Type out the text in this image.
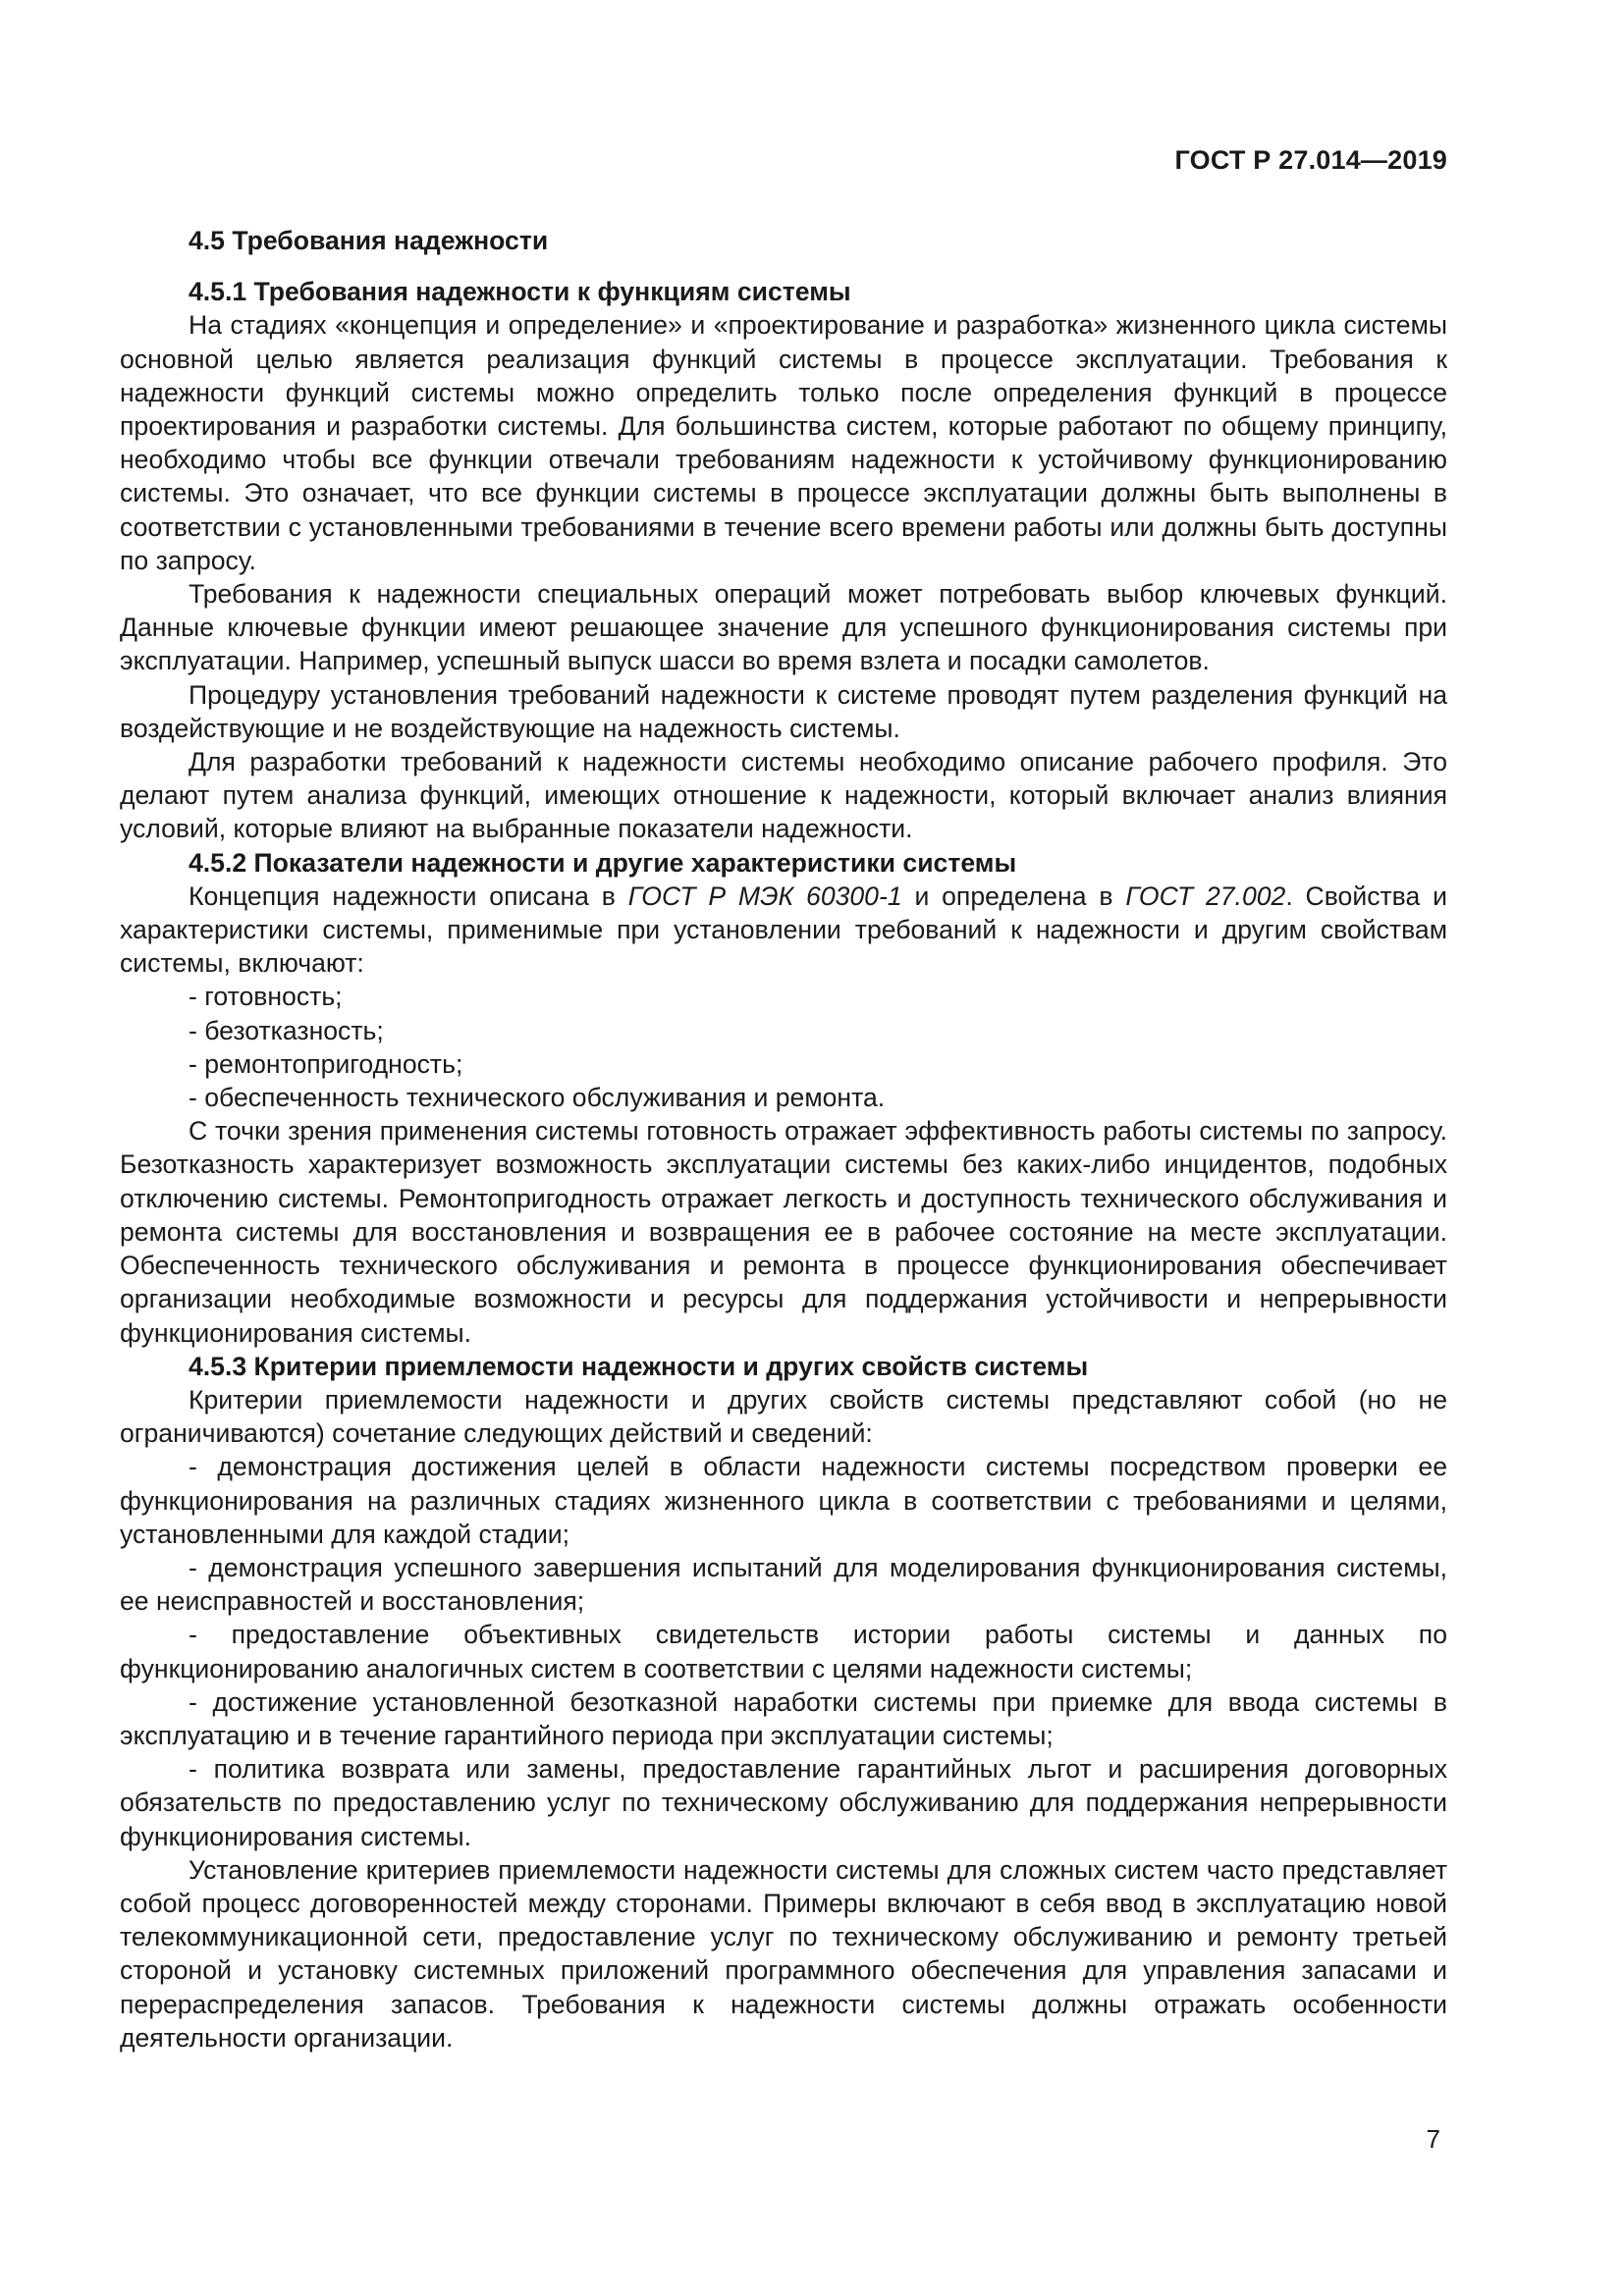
ГОСТ Р 27.014—2019
4.5 Требования надежности
4.5.1 Требования надежности к функциям системы

На стадиях «концепция и определение» и «проектирование и разработка» жизненного цикла системы основной целью является реализация функций системы в процессе эксплуатации. Требования к надежности функций системы можно определить только после определения функций в процессе проектирования и разработки системы. Для большинства систем, которые работают по общему принципу, необходимо чтобы все функции отвечали требованиям надежности к устойчивому функционированию системы. Это означает, что все функции системы в процессе эксплуатации должны быть выполнены в соответствии с установленными требованиями в течение всего времени работы или должны быть доступны по запросу.

Требования к надежности специальных операций может потребовать выбор ключевых функций. Данные ключевые функции имеют решающее значение для успешного функционирования системы при эксплуатации. Например, успешный выпуск шасси во время взлета и посадки самолетов.

Процедуру установления требований надежности к системе проводят путем разделения функций на воздействующие и не воздействующие на надежность системы.

Для разработки требований к надежности системы необходимо описание рабочего профиля. Это делают путем анализа функций, имеющих отношение к надежности, который включает анализ влияния условий, которые влияют на выбранные показатели надежности.

4.5.2 Показатели надежности и другие характеристики системы

Концепция надежности описана в ГОСТ Р МЭК 60300-1 и определена в ГОСТ 27.002. Свойства и характеристики системы, применимые при установлении требований к надежности и другим свойствам системы, включают:

- готовность;
- безотказность;
- ремонтопригодность;
- обеспеченность технического обслуживания и ремонта.

С точки зрения применения системы готовность отражает эффективность работы системы по запросу. Безотказность характеризует возможность эксплуатации системы без каких-либо инцидентов, подобных отключению системы. Ремонтопригодность отражает легкость и доступность технического обслуживания и ремонта системы для восстановления и возвращения ее в рабочее состояние на месте эксплуатации. Обеспеченность технического обслуживания и ремонта в процессе функционирования обеспечивает организации необходимые возможности и ресурсы для поддержания устойчивости и непрерывности функционирования системы.

4.5.3 Критерии приемлемости надежности и других свойств системы

Критерии приемлемости надежности и других свойств системы представляют собой (но не ограничиваются) сочетание следующих действий и сведений:

- демонстрация достижения целей в области надежности системы посредством проверки ее функционирования на различных стадиях жизненного цикла в соответствии с требованиями и целями, установленными для каждой стадии;

- демонстрация успешного завершения испытаний для моделирования функционирования системы, ее неисправностей и восстановления;

- предоставление объективных свидетельств истории работы системы и данных по функционированию аналогичных систем в соответствии с целями надежности системы;

- достижение установленной безотказной наработки системы при приемке для ввода системы в эксплуатацию и в течение гарантийного периода при эксплуатации системы;

- политика возврата или замены, предоставление гарантийных льгот и расширения договорных обязательств по предоставлению услуг по техническому обслуживанию для поддержания непрерывности функционирования системы.

Установление критериев приемлемости надежности системы для сложных систем часто представляет собой процесс договоренностей между сторонами. Примеры включают в себя ввод в эксплуатацию новой телекоммуникационной сети, предоставление услуг по техническому обслуживанию и ремонту третьей стороной и установку системных приложений программного обеспечения для управления запасами и перераспределения запасов. Требования к надежности системы должны отражать особенности деятельности организации.

7
